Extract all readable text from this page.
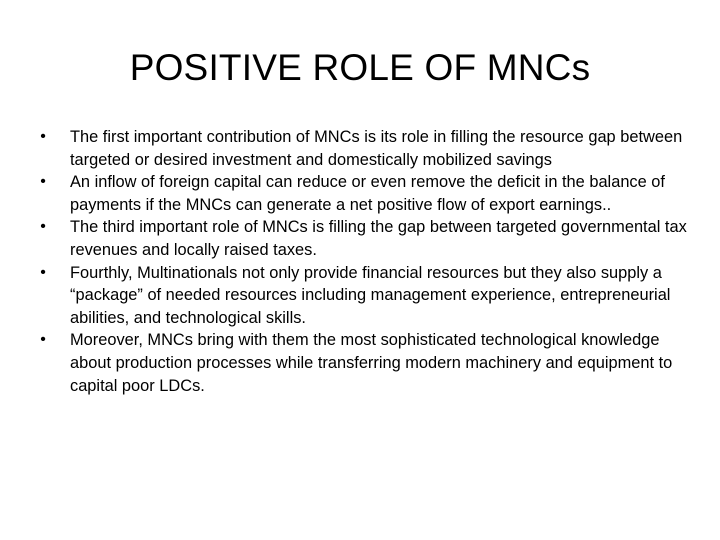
POSITIVE ROLE OF MNCs
• The first important contribution of MNCs is its role in filling the resource gap between targeted or desired investment and domestically mobilized savings
• An inflow of foreign capital can reduce or even remove the deficit in the balance of payments if the MNCs can generate a net positive flow of export earnings..
• The third important role of MNCs is filling the gap between targeted governmental tax revenues and locally raised taxes.
• Fourthly, Multinationals not only provide financial resources but they also supply a “package” of needed resources including management experience, entrepreneurial abilities, and technological skills.
• Moreover, MNCs bring with them the most sophisticated technological knowledge about production processes while transferring modern machinery and equipment to capital poor LDCs.
